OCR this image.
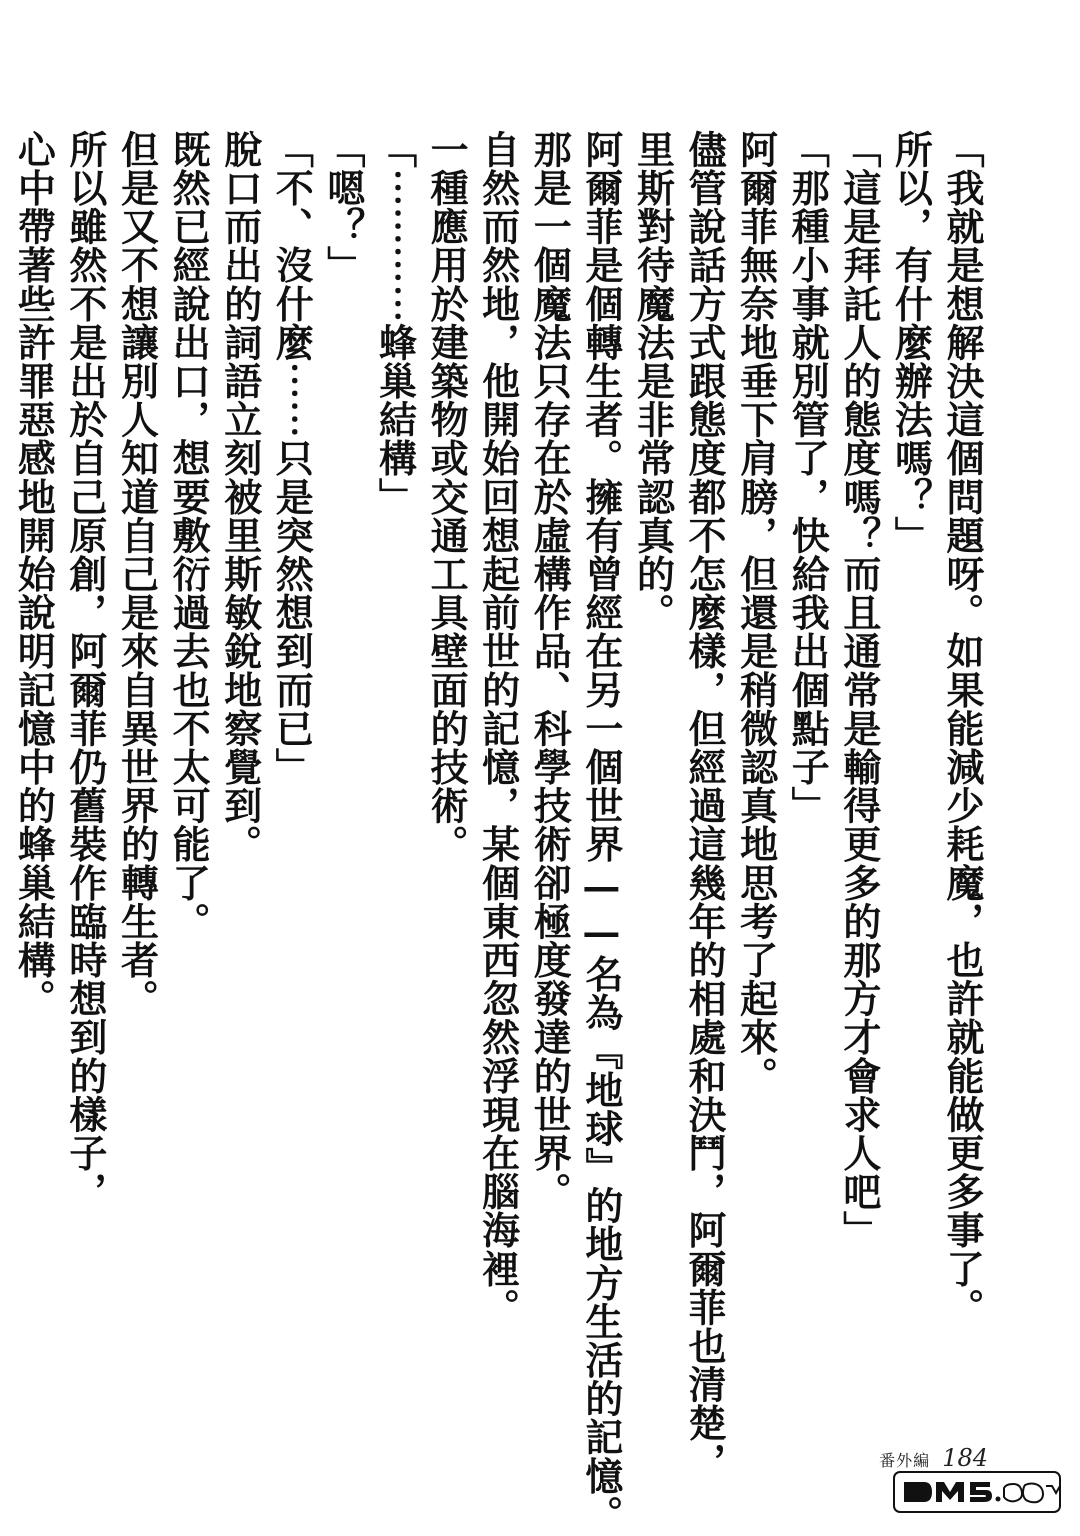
「我就是想解決這個問題呀。如果能減少耗魔，也許就能做更多事了。
所以，有什麼辦法嗎？」
「這是拜託人的態度嗎？而且通常是輸得更多的那方才會求人吧」
「那種小事就別管了，快給我出個點子」
阿爾菲無奈地垂下肩膀，但還是稍微認真地思考了起來。
儘管說話方式跟態度都不怎麼樣，但經過這幾年的相處和決鬥，阿爾菲也清楚，
里斯對待魔法是非常認真的。
阿爾菲是個轉生者。擁有曾經在另一個世界——名為『地球』的地方生活的記憶。
那是一個魔法只存在於虛構作品、科學技術卻極度發達的世界。
自然而然地，他開始回想起前世的記憶，某個東西忽然浮現在腦海裡。
一種應用於建築物或交通工具壁面的技術。
「⋯⋯⋯⋯蜂巢結構」
「嗯？」
「不、沒什麼⋯⋯只是突然想到而已」
脫口而出的詞語立刻被里斯敏銳地察覺到。
既然已經說出口，想要敷衍過去也不太可能了。
但是又不想讓別人知道自己是來自異世界的轉生者。
所以雖然不是出於自己原創，阿爾菲仍舊裝作臨時想到的樣子，
心中帶著些許罪惡感地開始說明記憶中的蜂巢結構。
番外編 184
